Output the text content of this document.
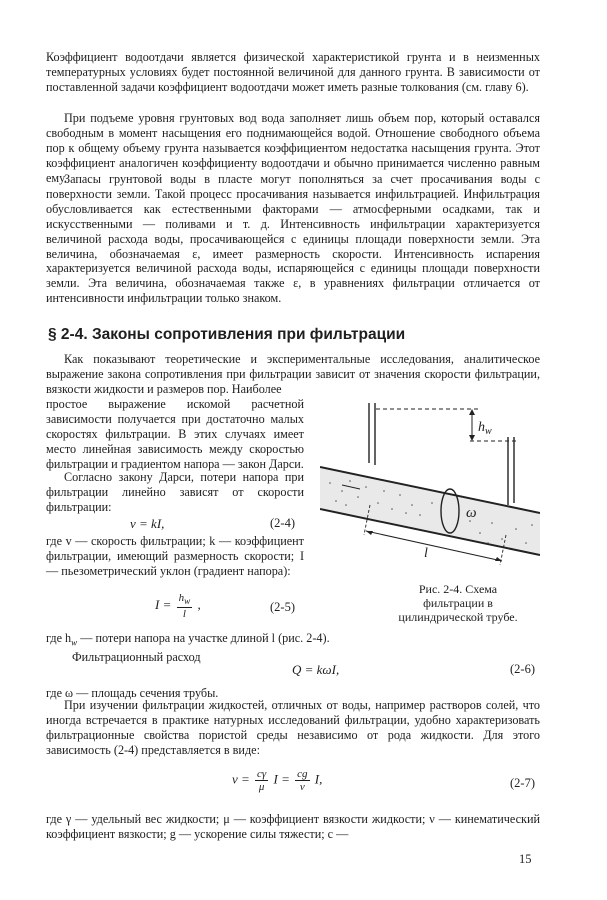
Коэффициент водоотдачи является физической характеристикой грунта и в неизменных температурных условиях будет постоянной величиной для данного грунта. В зависимости от поставленной задачи коэффициент водоотдачи может иметь разные толкования (см. главу 6).

При подъеме уровня грунтовых вод вода заполняет лишь объем пор, который оставался свободным в момент насыщения его поднимающейся водой. Отношение свободного объема пор к общему объему грунта называется коэффициентом недостатка насыщения грунта. Этот коэффициент аналогичен коэффициенту водоотдачи и обычно принимается численно равным ему.

Запасы грунтовой воды в пласте могут пополняться за счет просачивания воды с поверхности земли. Такой процесс просачивания называется инфильтрацией. Инфильтрация обусловливается как естественными факторами — атмосферными осадками, так и искусственными — поливами и т. д. Интенсивность инфильтрации характеризуется величиной расхода воды, просачивающейся с единицы площади поверхности земли. Эта величина, обозначаемая ε, имеет размерность скорости. Интенсивность испарения характеризуется величиной расхода воды, испаряющейся с единицы площади поверхности земли. Эта величина, обозначаемая также ε, в уравнениях фильтрации отличается от интенсивности инфильтрации только знаком.

§ 2-4. Законы сопротивления при фильтрации

Как показывают теоретические и экспериментальные исследования, аналитическое выражение закона сопротивления при фильтрации зависит от значения скорости фильтрации, вязкости жидкости и размеров пор. Наиболее

простое выражение искомой расчетной зависимости получается при достаточно малых скоростях фильтрации. В этих случаях имеет место линейная зависимость между скоростью фильтрации и градиентом напора — закон Дарси.

Согласно закону Дарси, потери напора при фильтрации линейно зависят от скорости фильтрации:

v = kI,	(2-4)

где v — скорость фильтрации; k — коэффициент фильтрации, имеющий размерность скорости; I — пьезометрический уклон (градиент напора):

$I = \frac{h_w}{l}$ ,	(2-5)
$h_w$
ω
l

Рис. 2-4. Схема фильтрации в цилиндрической трубе.

где $h_w$ — потери напора на участке длиной l (рис. 2-4).
Фильтрационный расход

Q = kωI,	(2-6)

где ω — площадь сечения трубы.

При изучении фильтрации жидкостей, отличных от воды, например растворов солей, что иногда встречается в практике натурных исследований фильтрации, удобно характеризовать фильтрационные свойства пористой среды независимо от рода жидкости. Для этого зависимость (2-4) представляется в виде:

$v = \frac{c\gamma}{\mu}$ $I = \frac{cg}{\nu} I$,	(2-7)

где γ — удельный вес жидкости; μ — коэффициент вязкости жидкости; ν — кинематический коэффициент вязкости; g — ускорение силы тяжести; c —

15
